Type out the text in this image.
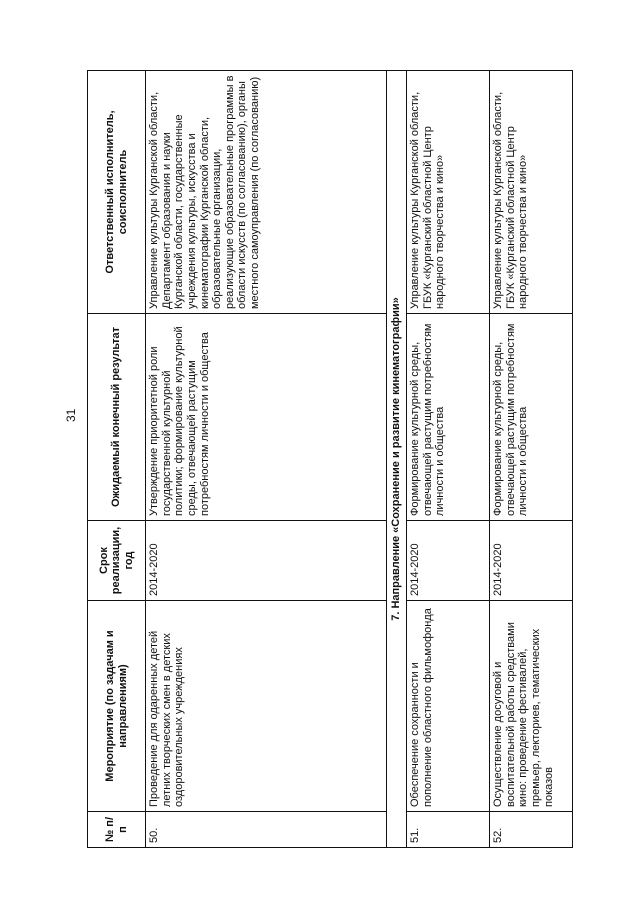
31
№ п/п	Мероприятие (по задачам и направлениям)	Срок реализации, год	Ожидаемый конечный результат	Ответственный исполнитель, соисполнитель
50.	Проведение для одаренных детей летних творческих смен в детских оздоровительных учреждениях	2014-2020	Утверждение приоритетной роли государственной культурной политики; формирование культурной среды, отвечающей растущим потребностям личности и общества	Управление культуры Курганской области, Департамент образования и науки Курганской области, государственные учреждения культуры, искусства и кинематографии Курганской области, образовательные организации, реализующие образовательные программы в области искусств (по согласованию), органы местного самоуправления (по согласованию)
7. Направление «Сохранение и развитие кинематографии»				
51.	Обеспечение сохранности и пополнение областного фильмофонда	2014-2020	Формирование культурной среды, отвечающей растущим потребностям личности и общества	Управление культуры Курганской области, ГБУК «Курганский областной Центр народного творчества и кино»
52.	Осуществление досуговой и воспитательной работы средствами кино: проведение фестивалей, премьер, лекториев, тематических показов	2014-2020	Формирование культурной среды, отвечающей растущим потребностям личности и общества	Управление культуры Курганской области, ГБУК «Курганский областной Центр народного творчества и кино»
